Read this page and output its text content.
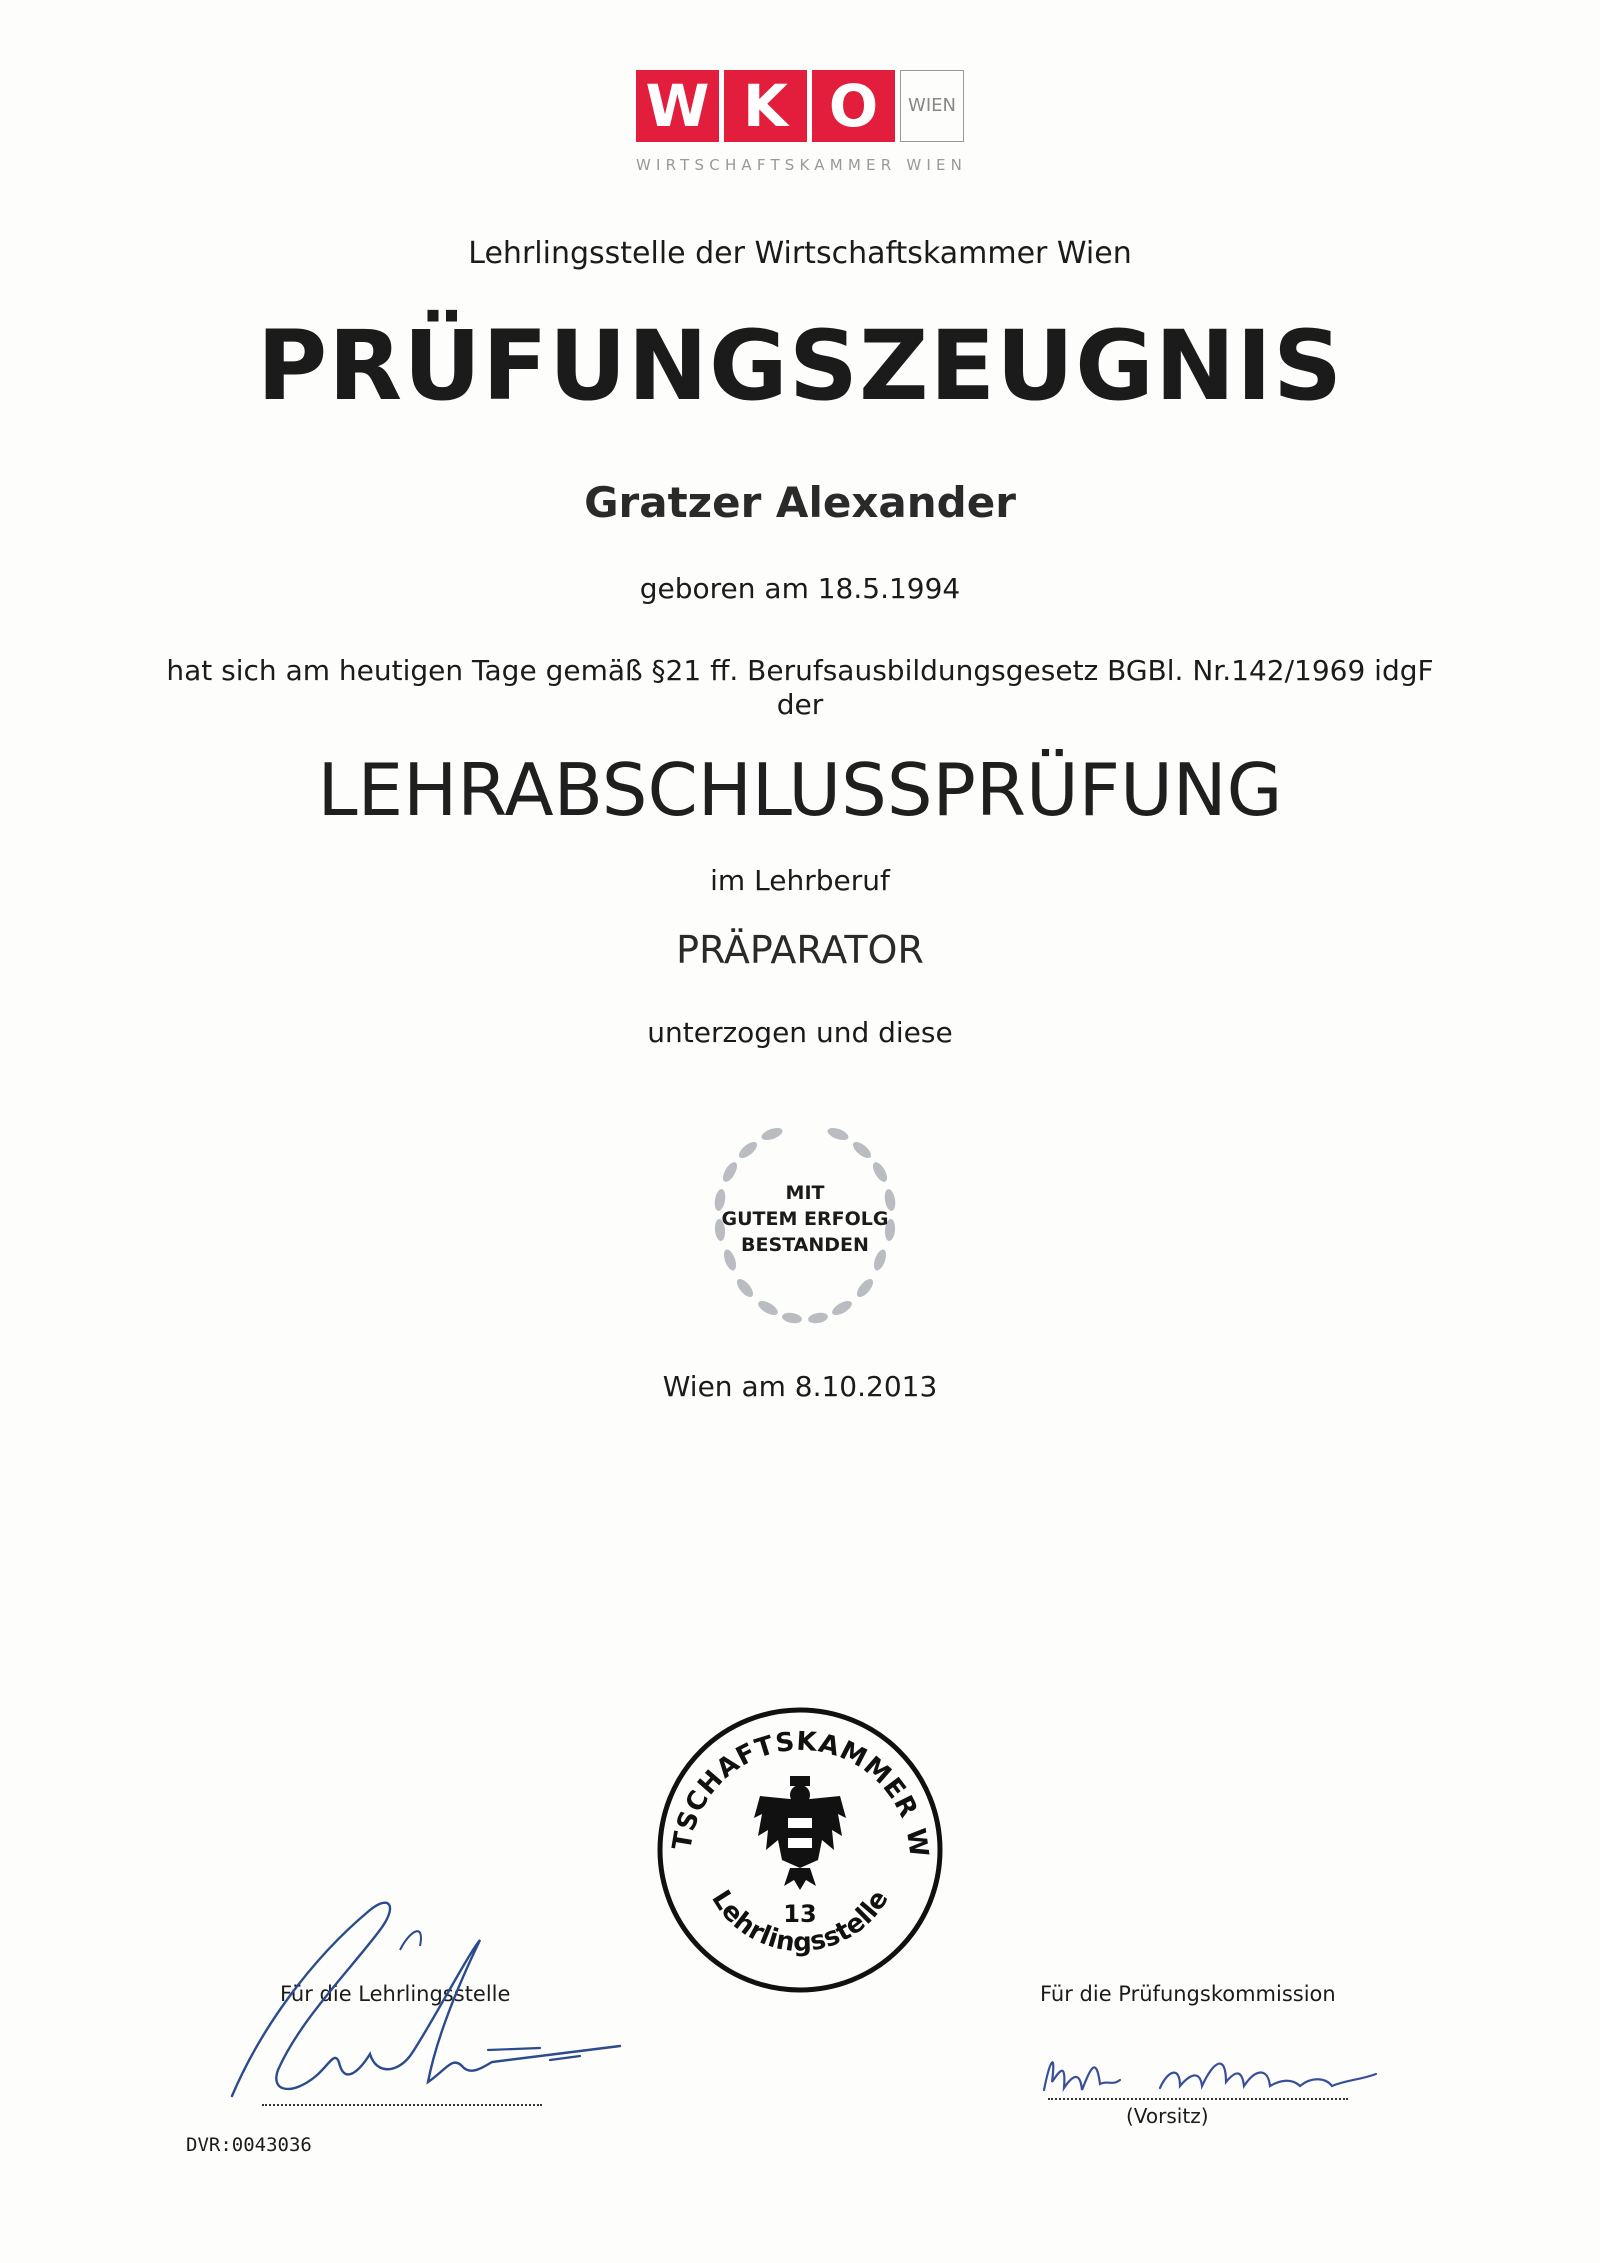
W K O	WIEN
WIRTSCHAFTSKAMMER WIEN
Lehrlingsstelle der Wirtschaftskammer Wien
PRÜFUNGSZEUGNIS
Gratzer Alexander
geboren am 18.5.1994
hat sich am heutigen Tage gemäß §21 ff. Berufsausbildungsgesetz BGBl. Nr.142/1969 idgF
der
LEHRABSCHLUSSPRÜFUNG
im Lehrberuf
PRÄPARATOR
unterzogen und diese
MIT
GUTEM ERFOLG
BESTANDEN
Wien am 8.10.2013
TSCHAFTSKAMMER W
Lehrlingsstelle
13
Für die Lehrlingsstelle	Für die Prüfungskommission
(Vorsitz)
DVR:0043036
